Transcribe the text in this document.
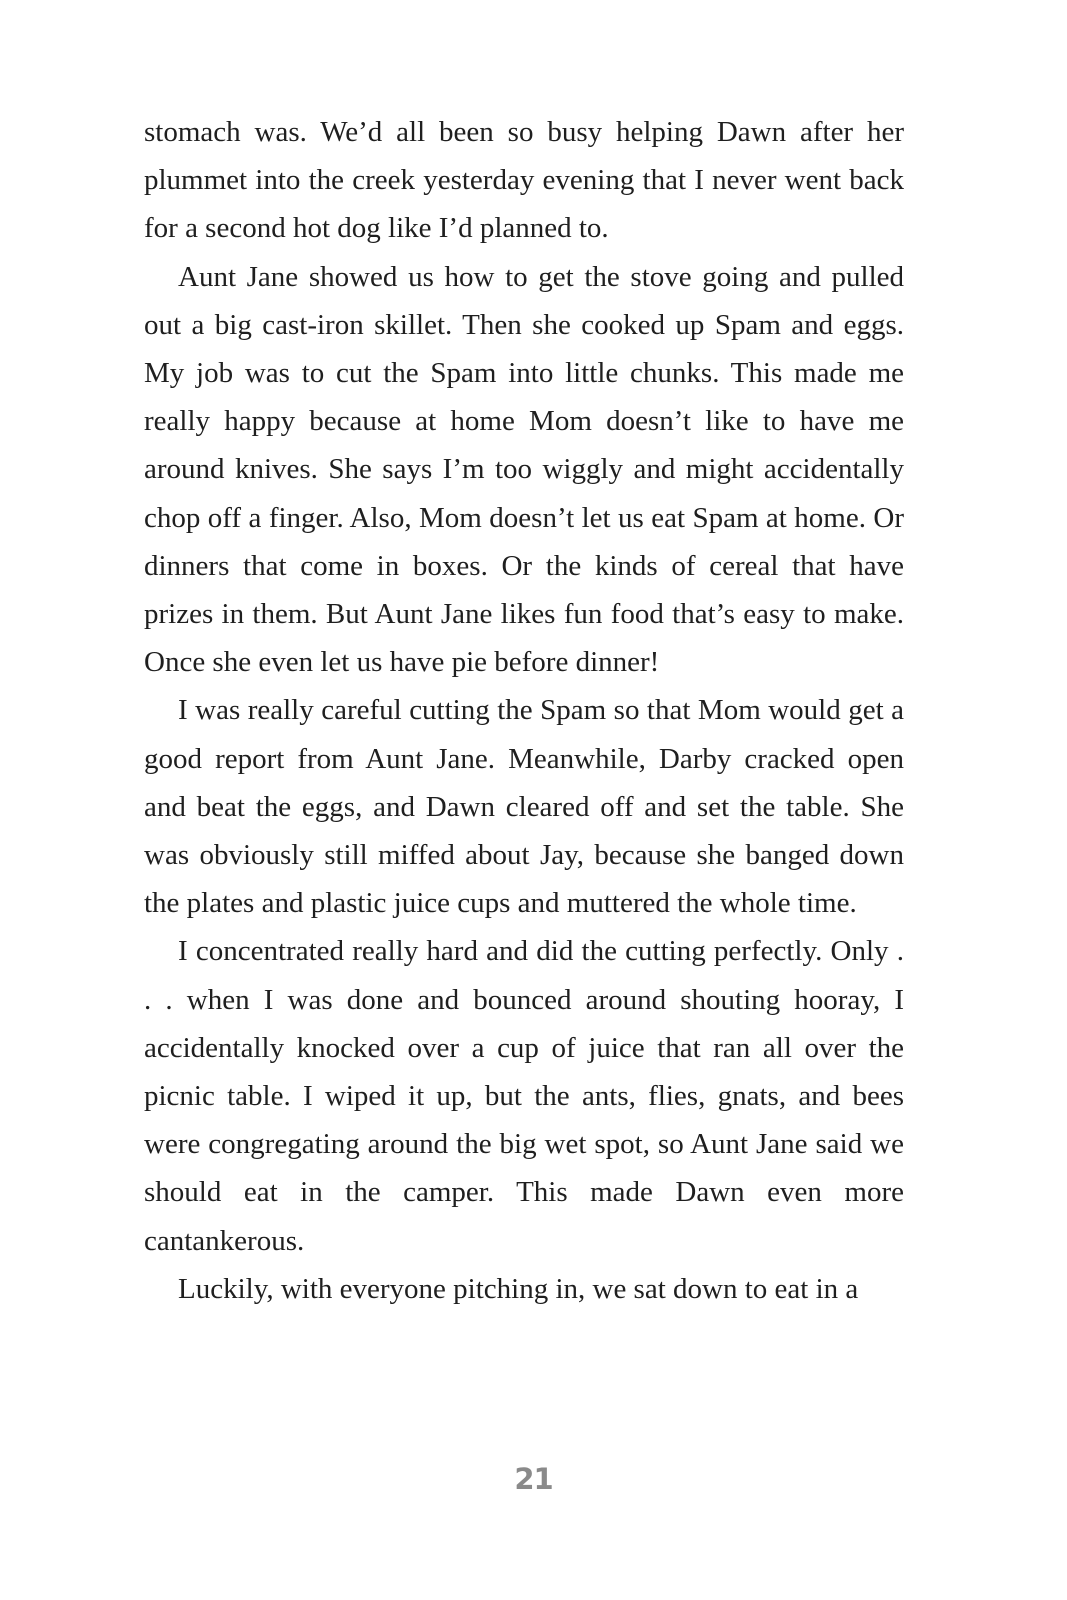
stomach was. We’d all been so busy helping Dawn after her plummet into the creek yesterday evening that I never went back for a second hot dog like I’d planned to.

Aunt Jane showed us how to get the stove going and pulled out a big cast-iron skillet. Then she cooked up Spam and eggs. My job was to cut the Spam into little chunks. This made me really happy because at home Mom doesn’t like to have me around knives. She says I’m too wiggly and might accidentally chop off a finger. Also, Mom doesn’t let us eat Spam at home. Or dinners that come in boxes. Or the kinds of cereal that have prizes in them. But Aunt Jane likes fun food that’s easy to make. Once she even let us have pie before dinner!

I was really careful cutting the Spam so that Mom would get a good report from Aunt Jane. Meanwhile, Darby cracked open and beat the eggs, and Dawn cleared off and set the table. She was obviously still miffed about Jay, because she banged down the plates and plastic juice cups and muttered the whole time.

I concentrated really hard and did the cutting perfectly. Only . . . when I was done and bounced around shouting hooray, I accidentally knocked over a cup of juice that ran all over the picnic table. I wiped it up, but the ants, flies, gnats, and bees were congregating around the big wet spot, so Aunt Jane said we should eat in the camper. This made Dawn even more cantankerous.

Luckily, with everyone pitching in, we sat down to eat in a

21
